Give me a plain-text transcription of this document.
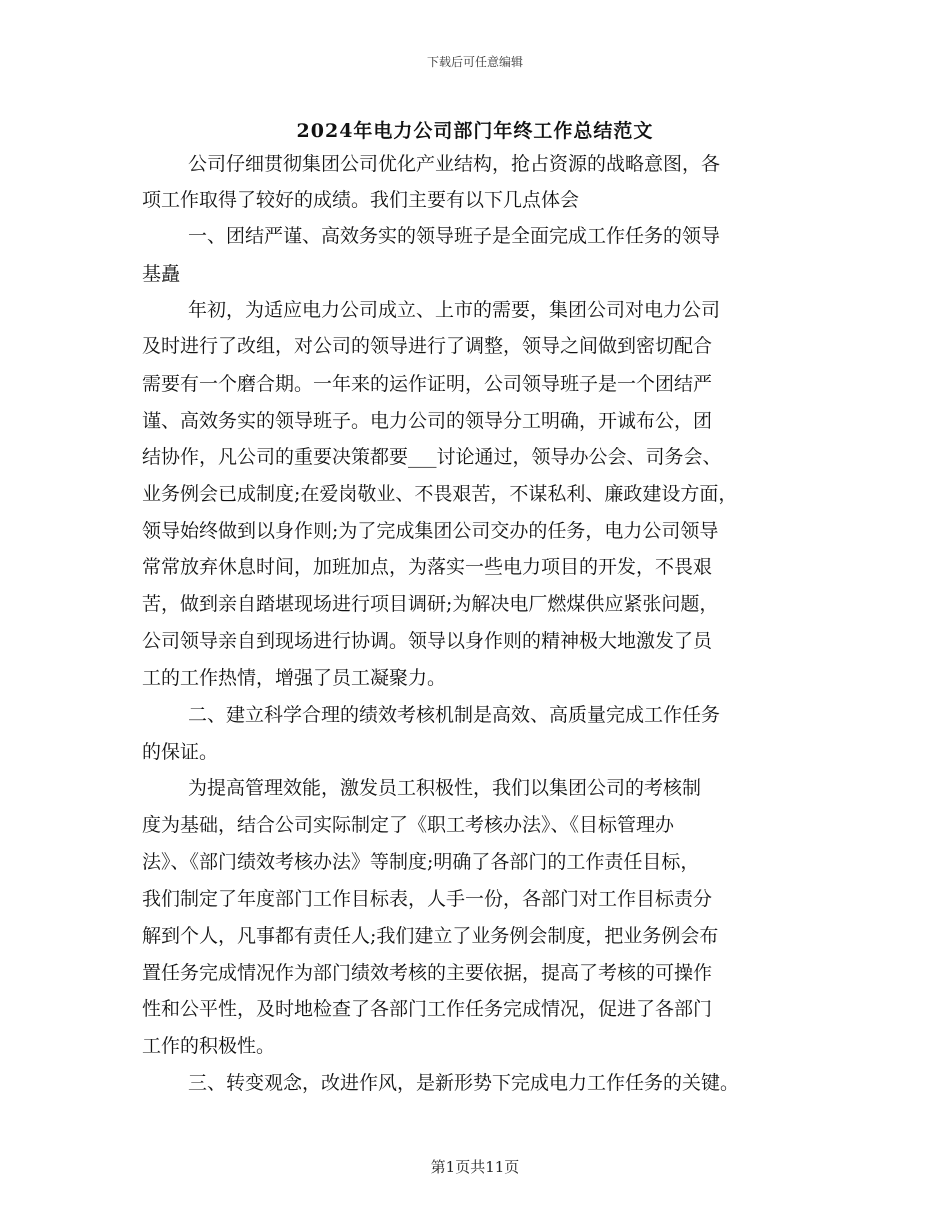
下载后可任意编辑
2024年电力公司部门年终工作总结范文
公司仔细贯彻集团公司优化产业结构，抢占资源的战略意图，各
项工作取得了较好的成绩。我们主要有以下几点体会
一、团结严谨、高效务实的领导班子是全面完成工作任务的领导
基矗
年初，为适应电力公司成立、上市的需要，集团公司对电力公司
及时进行了改组，对公司的领导进行了调整，领导之间做到密切配合
需要有一个磨合期。一年来的运作证明，公司领导班子是一个团结严
谨、高效务实的领导班子。电力公司的领导分工明确，开诚布公，团
结协作，凡公司的重要决策都要___讨论通过，领导办公会、司务会、
业务例会已成制度;在爱岗敬业、不畏艰苦，不谋私利、廉政建设方面，
领导始终做到以身作则;为了完成集团公司交办的任务，电力公司领导
常常放弃休息时间，加班加点，为落实一些电力项目的开发，不畏艰
苦，做到亲自踏堪现场进行项目调研;为解决电厂燃煤供应紧张问题，
公司领导亲自到现场进行协调。领导以身作则的精神极大地激发了员
工的工作热情，增强了员工凝聚力。
二、建立科学合理的绩效考核机制是高效、高质量完成工作任务
的保证。
为提高管理效能，激发员工积极性，我们以集团公司的考核制
度为基础，结合公司实际制定了《职工考核办法》、《目标管理办
法》、《部门绩效考核办法》等制度;明确了各部门的工作责任目标，
我们制定了年度部门工作目标表，人手一份，各部门对工作目标责分
解到个人，凡事都有责任人;我们建立了业务例会制度，把业务例会布
置任务完成情况作为部门绩效考核的主要依据，提高了考核的可操作
性和公平性，及时地检查了各部门工作任务完成情况，促进了各部门
工作的积极性。
三、转变观念，改进作风，是新形势下完成电力工作任务的关键。
第1页共11页
